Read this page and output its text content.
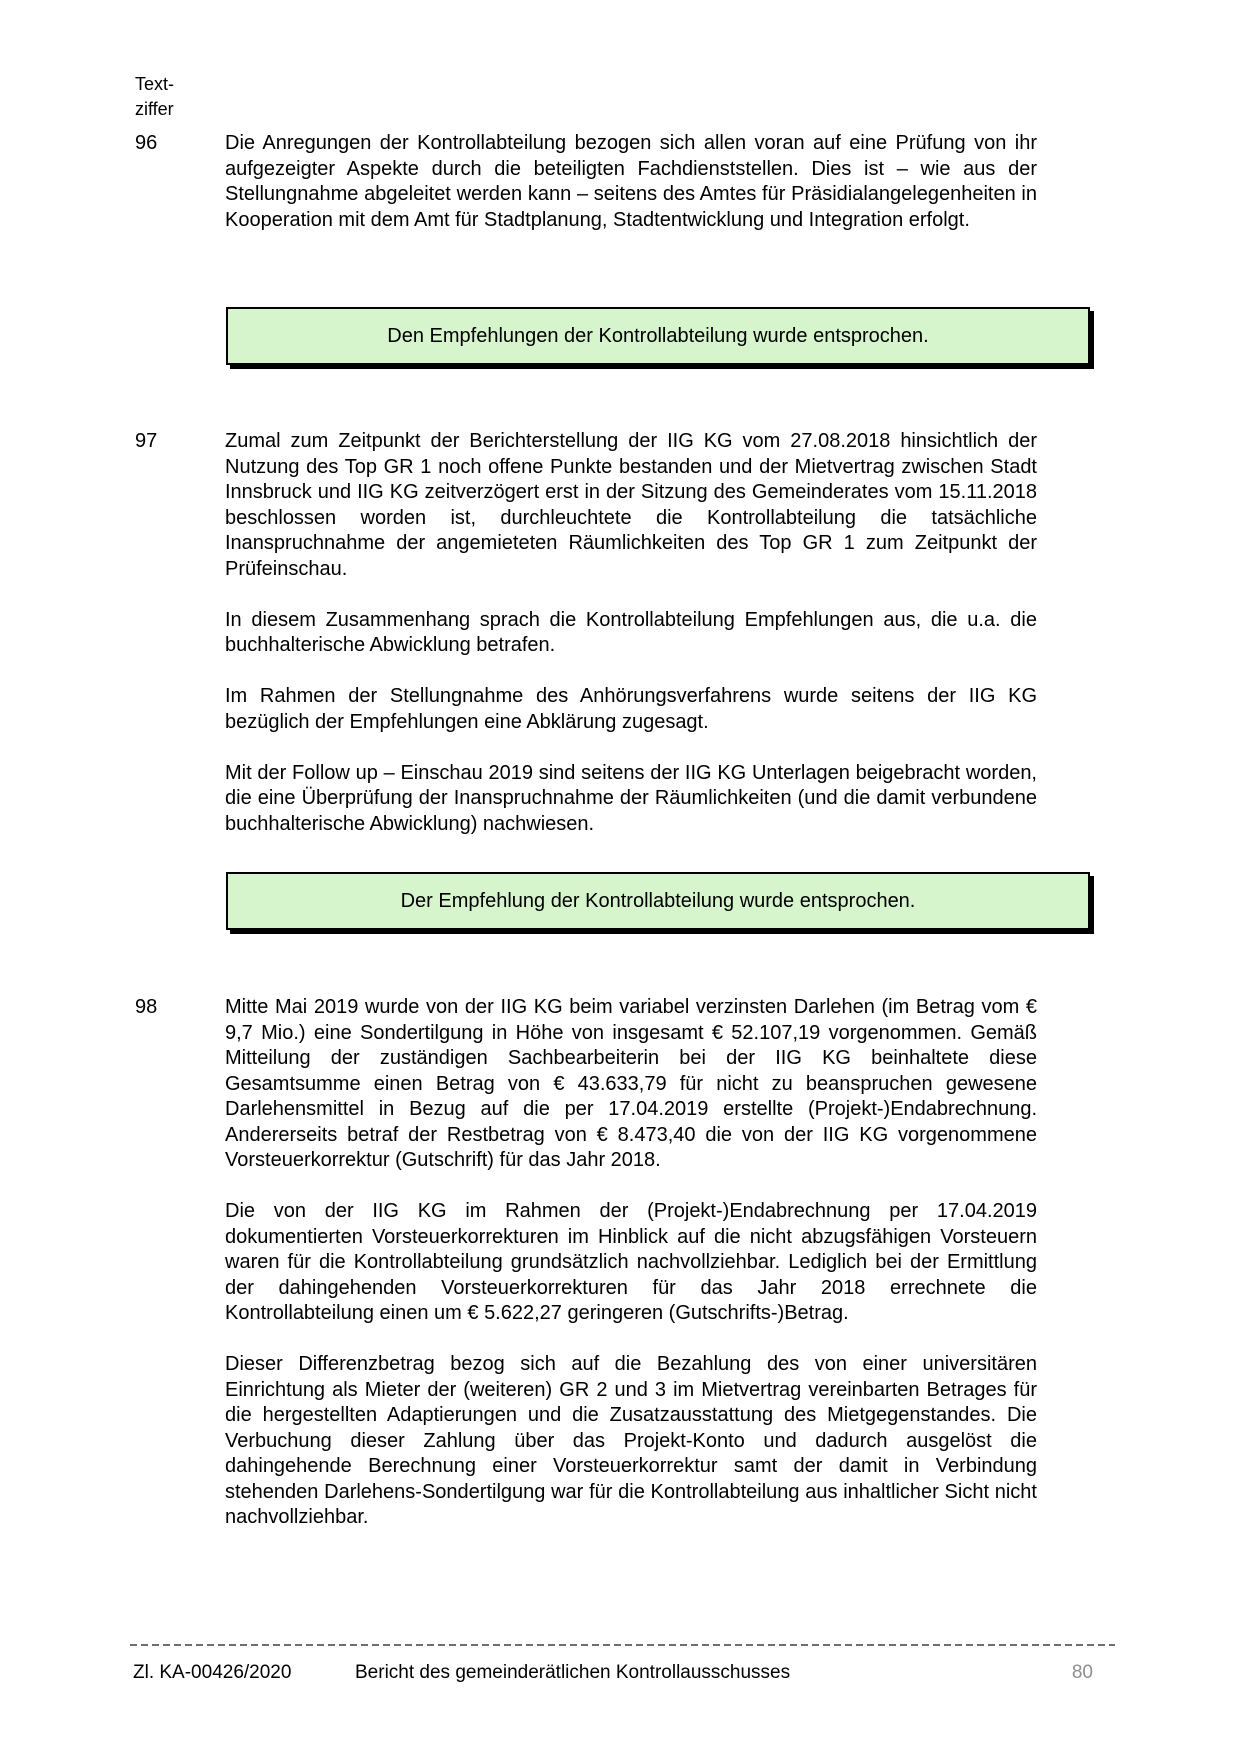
Text-
ziffer
96	Die Anregungen der Kontrollabteilung bezogen sich allen voran auf eine Prüfung von ihr aufgezeigter Aspekte durch die beteiligten Fachdienststellen. Dies ist – wie aus der Stellungnahme abgeleitet werden kann – seitens des Amtes für Präsidialangelegenheiten in Kooperation mit dem Amt für Stadtplanung, Stadtentwicklung und Integration erfolgt.

Den Empfehlungen der Kontrollabteilung wurde entsprochen.
97	Zumal zum Zeitpunkt der Berichterstellung der IIG KG vom 27.08.2018 hinsichtlich der Nutzung des Top GR 1 noch offene Punkte bestanden und der Mietvertrag zwischen Stadt Innsbruck und IIG KG zeitverzögert erst in der Sitzung des Gemeinderates vom 15.11.2018 beschlossen worden ist, durchleuchtete die Kontrollabteilung die tatsächliche Inanspruchnahme der angemieteten Räumlichkeiten des Top GR 1 zum Zeitpunkt der Prüfeinschau.

In diesem Zusammenhang sprach die Kontrollabteilung Empfehlungen aus, die u.a. die buchhalterische Abwicklung betrafen.

Im Rahmen der Stellungnahme des Anhörungsverfahrens wurde seitens der IIG KG bezüglich der Empfehlungen eine Abklärung zugesagt.

Mit der Follow up – Einschau 2019 sind seitens der IIG KG Unterlagen beigebracht worden, die eine Überprüfung der Inanspruchnahme der Räumlichkeiten (und die damit verbundene buchhalterische Abwicklung) nachwiesen.

Der Empfehlung der Kontrollabteilung wurde entsprochen.
98	Mitte Mai 2019 wurde von der IIG KG beim variabel verzinsten Darlehen (im Betrag vom € 9,7 Mio.) eine Sondertilgung in Höhe von insgesamt € 52.107,19 vorgenommen. Gemäß Mitteilung der zuständigen Sachbearbeiterin bei der IIG KG beinhaltete diese Gesamtsumme einen Betrag von € 43.633,79 für nicht zu beanspruchen gewesene Darlehensmittel in Bezug auf die per 17.04.2019 erstellte (Projekt-)Endabrechnung. Andererseits betraf der Restbetrag von € 8.473,40 die von der IIG KG vorgenommene Vorsteuerkorrektur (Gutschrift) für das Jahr 2018.

Die von der IIG KG im Rahmen der (Projekt-)Endabrechnung per 17.04.2019 dokumentierten Vorsteuerkorrekturen im Hinblick auf die nicht abzugsfähigen Vorsteuern waren für die Kontrollabteilung grundsätzlich nachvollziehbar. Lediglich bei der Ermittlung der dahingehenden Vorsteuerkorrekturen für das Jahr 2018 errechnete die Kontrollabteilung einen um € 5.622,27 geringeren (Gutschrifts-)Betrag.

Dieser Differenzbetrag bezog sich auf die Bezahlung des von einer universitären Einrichtung als Mieter der (weiteren) GR 2 und 3 im Mietvertrag vereinbarten Betrages für die hergestellten Adaptierungen und die Zusatzausstattung des Mietgegenstandes. Die Verbuchung dieser Zahlung über das Projekt-Konto und dadurch ausgelöst die dahingehende Berechnung einer Vorsteuerkorrektur samt der damit in Verbindung stehenden Darlehens-Sondertilgung war für die Kontrollabteilung aus inhaltlicher Sicht nicht nachvollziehbar.

Zl. KA-00426/2020	Bericht des gemeinderätlichen Kontrollausschusses	80
